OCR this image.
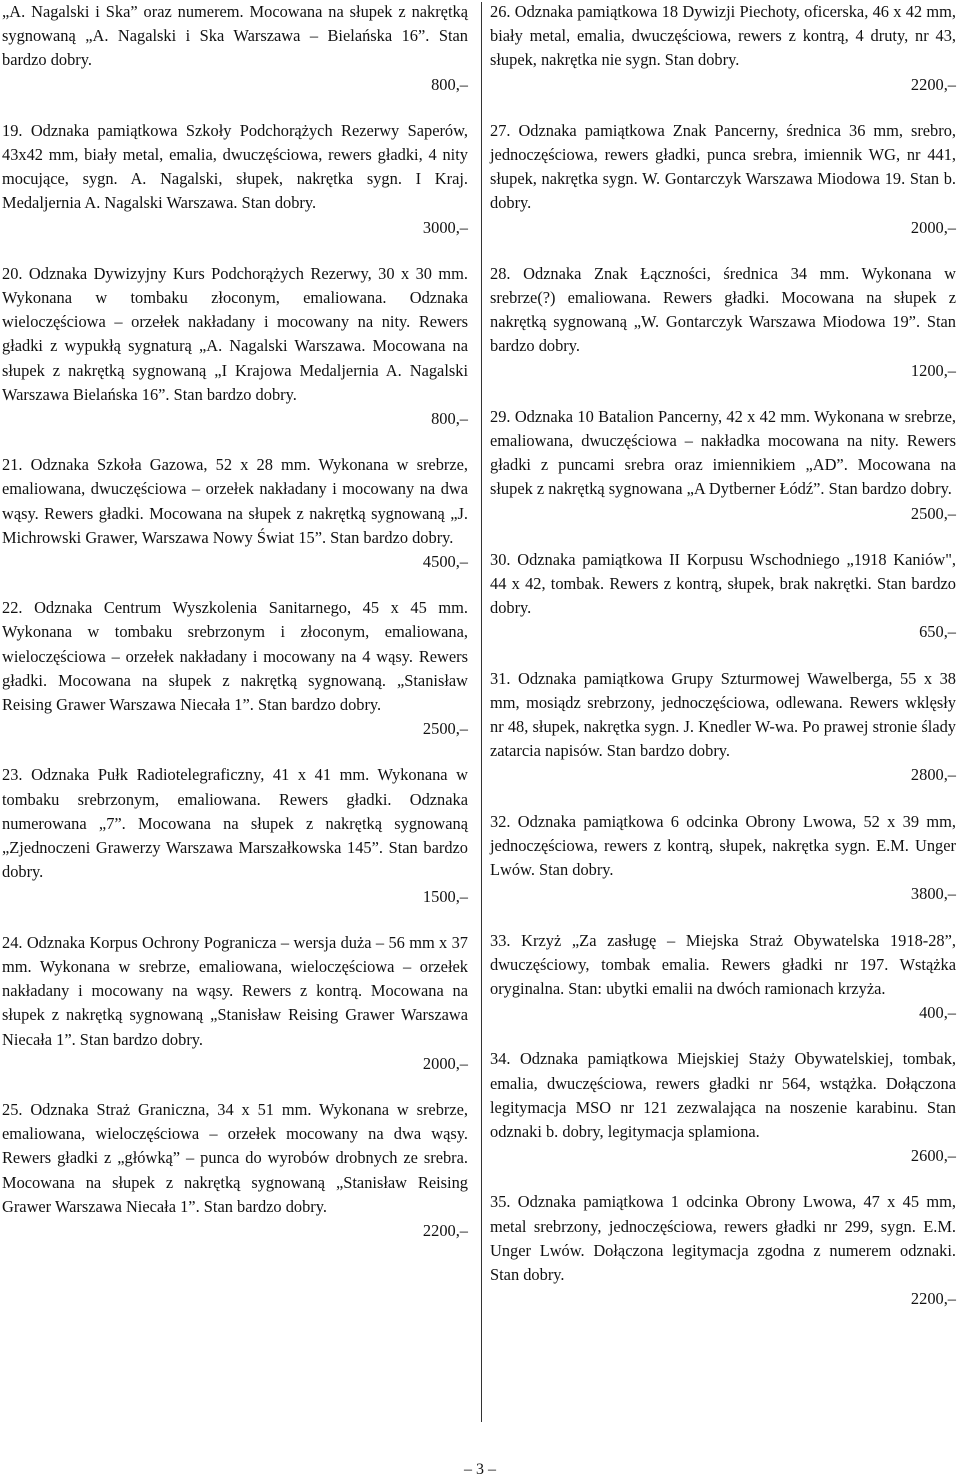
„A. Nagalski i Ska” oraz numerem. Mocowana na słupek z nakrętką sygnowaną „A. Nagalski i Ska Warszawa – Bielańska 16”. Stan bardzo dobry.

800,–

19. Odznaka pamiątkowa Szkoły Podchorążych Rezerwy Saperów, 43x42 mm, biały metal, emalia, dwuczęściowa, rewers gładki, 4 nity mocujące, sygn. A. Nagalski, słupek, nakrętka sygn. I Kraj. Medaljernia A. Nagalski Warszawa. Stan dobry.

3000,–

20. Odznaka Dywizyjny Kurs Podchorążych Rezerwy, 30 x 30 mm. Wykonana w tombaku złoconym, emaliowana. Odznaka wieloczęściowa – orzełek nakładany i mocowany na nity. Rewers gładki z wypukłą sygnaturą „A. Nagalski Warszawa. Mocowana na słupek z nakrętką sygnowaną „I Krajowa Medaljernia A. Nagalski Warszawa Bielańska 16”. Stan bardzo dobry.

800,–

21. Odznaka Szkoła Gazowa, 52 x 28 mm. Wykonana w srebrze, emaliowana, dwuczęściowa – orzełek nakładany i mocowany na dwa wąsy. Rewers gładki. Mocowana na słupek z nakrętką sygnowaną „J. Michrowski Grawer, Warszawa Nowy Świat 15”. Stan bardzo dobry.

4500,–

22. Odznaka Centrum Wyszkolenia Sanitarnego, 45 x 45 mm. Wykonana w tombaku srebrzonym i złoconym, emaliowana, wieloczęściowa – orzełek nakładany i mocowany na 4 wąsy. Rewers gładki. Mocowana na słupek z nakrętką sygnowaną. „Stanisław Reising Grawer Warszawa Niecała 1”. Stan bardzo dobry.

2500,–

23. Odznaka Pułk Radiotelegraficzny, 41 x 41 mm. Wykonana w tombaku srebrzonym, emaliowana. Rewers gładki. Odznaka numerowana „7”. Mocowana na słupek z nakrętką sygnowaną „Zjednoczeni Grawerzy Warszawa Marszałkowska 145”. Stan bardzo dobry.

1500,–

24. Odznaka Korpus Ochrony Pogranicza – wersja duża – 56 mm x 37 mm. Wykonana w srebrze, emaliowana, wieloczęściowa – orzełek nakładany i mocowany na wąsy. Rewers z kontrą. Mocowana na słupek z nakrętką sygnowaną „Stanisław Reising Grawer Warszawa Niecała 1”. Stan bardzo dobry.

2000,–

25. Odznaka Straż Graniczna, 34 x 51 mm. Wykonana w srebrze, emaliowana, wieloczęściowa – orzełek mocowany na dwa wąsy. Rewers gładki z „główką” – punca do wyrobów drobnych ze srebra. Mocowana na słupek z nakrętką sygnowaną „Stanisław Reising Grawer Warszawa Niecała 1”. Stan bardzo dobry.

2200,–

26. Odznaka pamiątkowa 18 Dywizji Piechoty, oficerska, 46 x 42 mm, biały metal, emalia, dwuczęściowa, rewers z kontrą, 4 druty, nr 43, słupek, nakrętka nie sygn. Stan dobry.

2200,–

27. Odznaka pamiątkowa Znak Pancerny, średnica 36 mm, srebro, jednoczęściowa, rewers gładki, punca srebra, imiennik WG, nr 441, słupek, nakrętka sygn. W. Gontarczyk Warszawa Miodowa 19. Stan b. dobry.

2000,–

28. Odznaka Znak Łączności, średnica 34 mm. Wykonana w srebrze(?) emaliowana. Rewers gładki. Mocowana na słupek z nakrętką sygnowaną „W. Gontarczyk Warszawa Miodowa 19”. Stan bardzo dobry.

1200,–

29. Odznaka 10 Batalion Pancerny, 42 x 42 mm. Wykonana w srebrze, emaliowana, dwuczęściowa – nakładka mocowana na nity. Rewers gładki z puncami srebra oraz imiennikiem „AD”. Mocowana na słupek z nakrętką sygnowana „A Dytberner Łódź”. Stan bardzo dobry.

2500,–

30. Odznaka pamiątkowa II Korpusu Wschodniego „1918 Kaniów", 44 x 42, tombak. Rewers z kontrą, słupek, brak nakrętki. Stan bardzo dobry.

650,–

31. Odznaka pamiątkowa Grupy Szturmowej Wawelberga, 55 x 38 mm, mosiądz srebrzony, jednoczęściowa, odlewana. Rewers wklęsły nr 48, słupek, nakrętka sygn. J. Knedler W-wa. Po prawej stronie ślady zatarcia napisów. Stan bardzo dobry.

2800,–

32. Odznaka pamiątkowa 6 odcinka Obrony Lwowa, 52 x 39 mm, jednoczęściowa, rewers z kontrą, słupek, nakrętka sygn. E.M. Unger Lwów. Stan dobry.

3800,–

33. Krzyż „Za zasługę – Miejska Straż Obywatelska 1918-28”, dwuczęściowy, tombak emalia. Rewers gładki nr 197. Wstążka oryginalna. Stan: ubytki emalii na dwóch ramionach krzyża.

400,–

34. Odznaka pamiątkowa Miejskiej Staży Obywatelskiej, tombak, emalia, dwuczęściowa, rewers gładki nr 564, wstążka. Dołączona legitymacja MSO nr 121 zezwalająca na noszenie karabinu. Stan odznaki b. dobry, legitymacja splamiona.

2600,–

35. Odznaka pamiątkowa 1 odcinka Obrony Lwowa, 47 x 45 mm, metal srebrzony, jednoczęściowa, rewers gładki nr 299, sygn. E.M. Unger Lwów. Dołączona legitymacja zgodna z numerem odznaki. Stan dobry.

2200,–

– 3 –
